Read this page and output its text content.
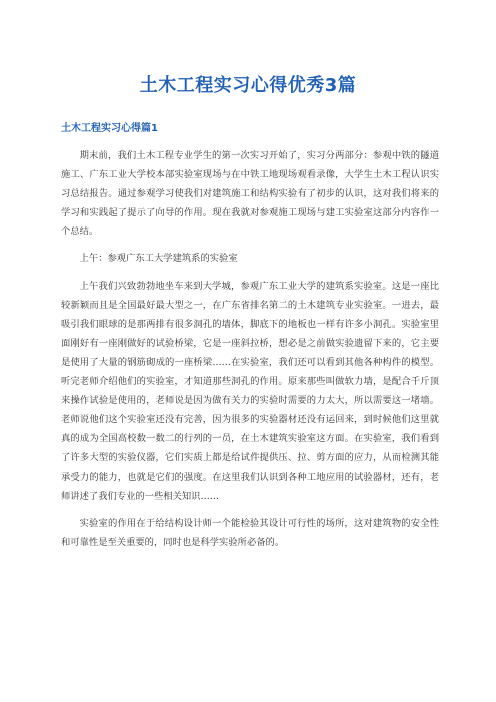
土木工程实习心得优秀3篇
土木工程实习心得篇1

期末前，我们土木工程专业学生的第一次实习开始了，实习分两部分：参观中铁的隧道施工、广东工业大学校本部实验室现场与在中铁工地现场观看录像，大学生土木工程认识实习总结报告。通过参观学习使我们对建筑施工和结构实验有了初步的认识，这对我们将来的学习和实践起了提示了向导的作用。现在我就对参观施工现场与建工实验室这部分内容作一个总结。

上午：参观广东工大学建筑系的实验室

上午我们兴致勃勃地坐车来到大学城，参观广东工业大学的建筑系实验室。这是一座比较新颖而且是全国最好最大型之一，在广东省排名第二的土木建筑专业实验室。一进去，最吸引我们眼球的是那两排有很多洞孔的墙体，脚底下的地板也一样有许多小洞孔。实验室里面刚好有一座刚做好的试验桥梁，它是一座斜拉桥，想必是之前做实验遗留下来的，它主要是使用了大量的钢筋砌成的一座桥梁……在实验室，我们还可以看到其他各种构件的模型。听完老师介绍他们的实验室，才知道那些洞孔的作用。原来那些叫做软力墙，是配合千斤顶来操作试验是使用的，老师说是因为做有关力的实验时需要的力太大，所以需要这一堵墙。老师说他们这个实验室还没有完善，因为很多的实验器材还没有运回来，到时候他们这里就真的成为全国高校数一数二的行列的一员，在土木建筑实验室这方面。在实验室，我们看到了许多大型的实验仪器，它们实质上都是给试件提供压、拉、剪方面的应力，从而检测其能承受力的能力，也就是它们的强度。在这里我们认识到各种工地应用的试验器材，还有，老师讲述了我们专业的一些相关知识……

实验室的作用在于给结构设计师一个能检验其设计可行性的场所，这对建筑物的安全性和可靠性是至关重要的，同时也是科学实验所必备的。
